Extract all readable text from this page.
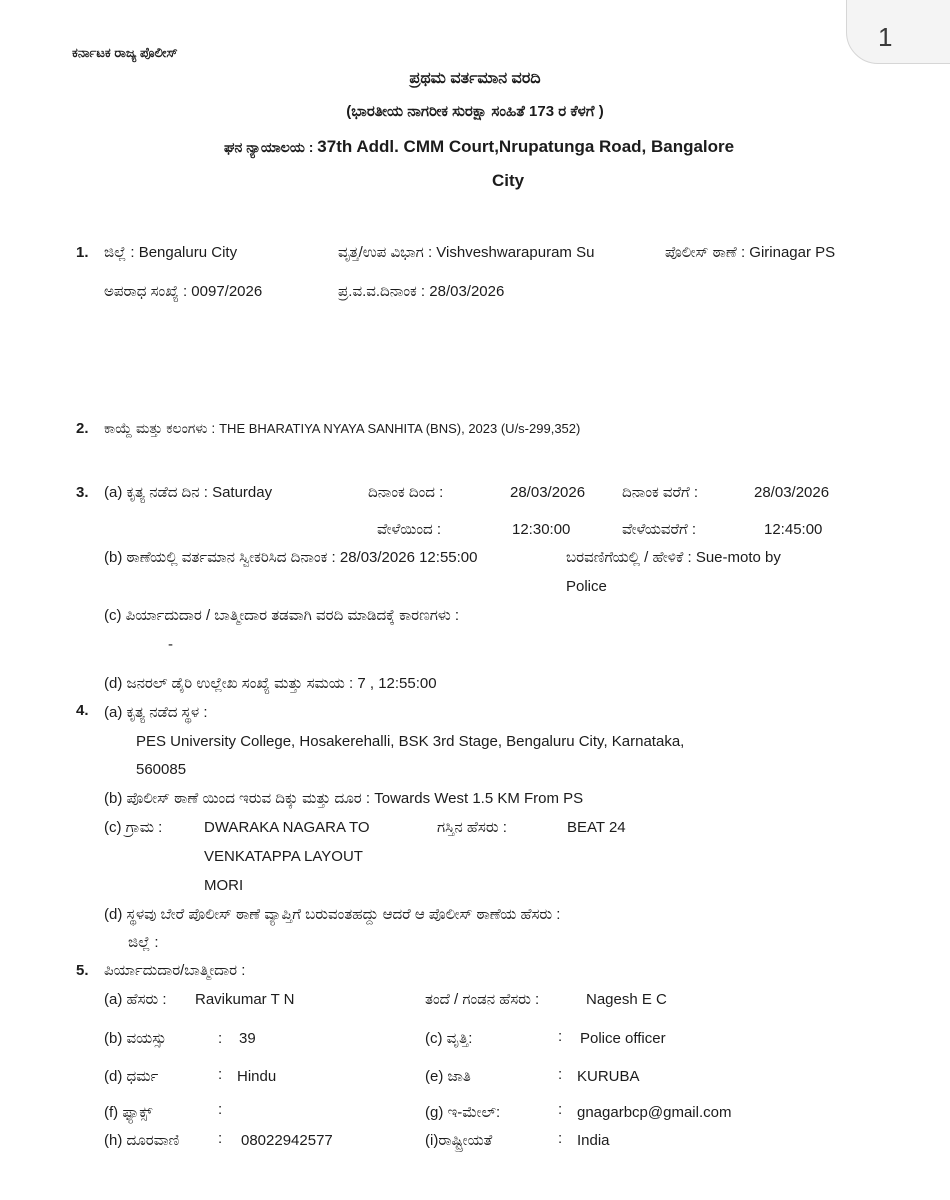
1
ಕರ್ನಾಟಕ ರಾಜ್ಯ ಪೊಲೀಸ್
ಪ್ರಥಮ ವರ್ತಮಾನ ವರದಿ
(ಭಾರತೀಯ ನಾಗರೀಕ ಸುರಕ್ಷಾ ಸಂಹಿತೆ 173 ರ ಕೆಳಗೆ )
ಘನ ನ್ಯಾಯಾಲಯ : 37th Addl. CMM Court,Nrupatunga Road, Bangalore
City
1. ಜಿಲ್ಲೆ : Bengaluru City	ವೃತ್ತ/ಉಪ ವಿಭಾಗ : Vishveshwarapuram Su	ಪೊಲೀಸ್ ಠಾಣೆ : Girinagar PS
ಅಪರಾಧ ಸಂಖ್ಯೆ : 0097/2026	ಪ್ರ.ವ.ವ.ದಿನಾಂಕ : 28/03/2026
2. ಕಾಯ್ದೆ ಮತ್ತು ಕಲಂಗಳು : THE BHARATIYA NYAYA SANHITA (BNS), 2023 (U/s-299,352)
3. (a) ಕೃತ್ಯ ನಡೆದ ದಿನ : Saturday	ದಿನಾಂಕ ದಿಂದ :	28/03/2026 ದಿನಾಂಕ ವರೆಗೆ :	28/03/2026
ವೇಳೆಯಿಂದ :	12:30:00	ವೇಳೆಯವರೆಗೆ :	12:45:00
(b) ಠಾಣೆಯಲ್ಲಿ ವರ್ತಮಾನ ಸ್ವೀಕರಿಸಿದ ದಿನಾಂಕ : 28/03/2026 12:55:00	ಬರವಣಿಗೆಯಲ್ಲಿ / ಹೇಳಿಕೆ : Sue-moto by
Police
(c) ಪಿರ್ಯಾದುದಾರ / ಬಾತ್ಮೀದಾರ ತಡವಾಗಿ ವರದಿ ಮಾಡಿದಕ್ಕೆ ಕಾರಣಗಳು :
-
(d) ಜನರಲ್ ಡೈರಿ ಉಲ್ಲೇಖ ಸಂಖ್ಯೆ ಮತ್ತು ಸಮಯ : 7 , 12:55:00
4. (a) ಕೃತ್ಯ ನಡೆದ ಸ್ಥಳ :
PES University College, Hosakerehalli, BSK 3rd Stage, Bengaluru City, Karnataka,
560085
(b) ಪೊಲೀಸ್ ಠಾಣೆ ಯಿಂದ ಇರುವ ದಿಕ್ಕು ಮತ್ತು ದೂರ : Towards West 1.5 KM From PS
(c) ಗ್ರಾಮ :	DWARAKA NAGARA TO
VENKATAPPA LAYOUT
MORI
ಗಸ್ತಿನ ಹೆಸರು :	BEAT 24
(d) ಸ್ಥಳವು ಬೇರೆ ಪೊಲೀಸ್ ಠಾಣೆ ವ್ಯಾಪ್ತಿಗೆ ಬರುವಂತಹದ್ದು ಆದರೆ ಆ ಪೊಲೀಸ್ ಠಾಣೆಯ ಹೆಸರು :
ಜಿಲ್ಲೆ :
5. ಪಿರ್ಯಾದುದಾರ/ಬಾತ್ಮೀದಾರ :
(a) ಹೆಸರು : Ravikumar T N	ತಂದೆ / ಗಂಡನ ಹೆಸರು :	Nagesh E C
(b) ವಯಸ್ಸು	: 39	(c) ವೃತ್ತಿ:	: Police officer
(d) ಧರ್ಮ	: Hindu	(e) ಜಾತಿ	: KURUBA
(f) ಫ್ಯಾಕ್ಸ್	:	(g) ಇ-ಮೇಲ್:	: gnagarbcp@gmail.com
(h) ದೂರವಾಣಿ	: 08022942577	(i)ರಾಷ್ಟ್ರೀಯತೆ	: India
